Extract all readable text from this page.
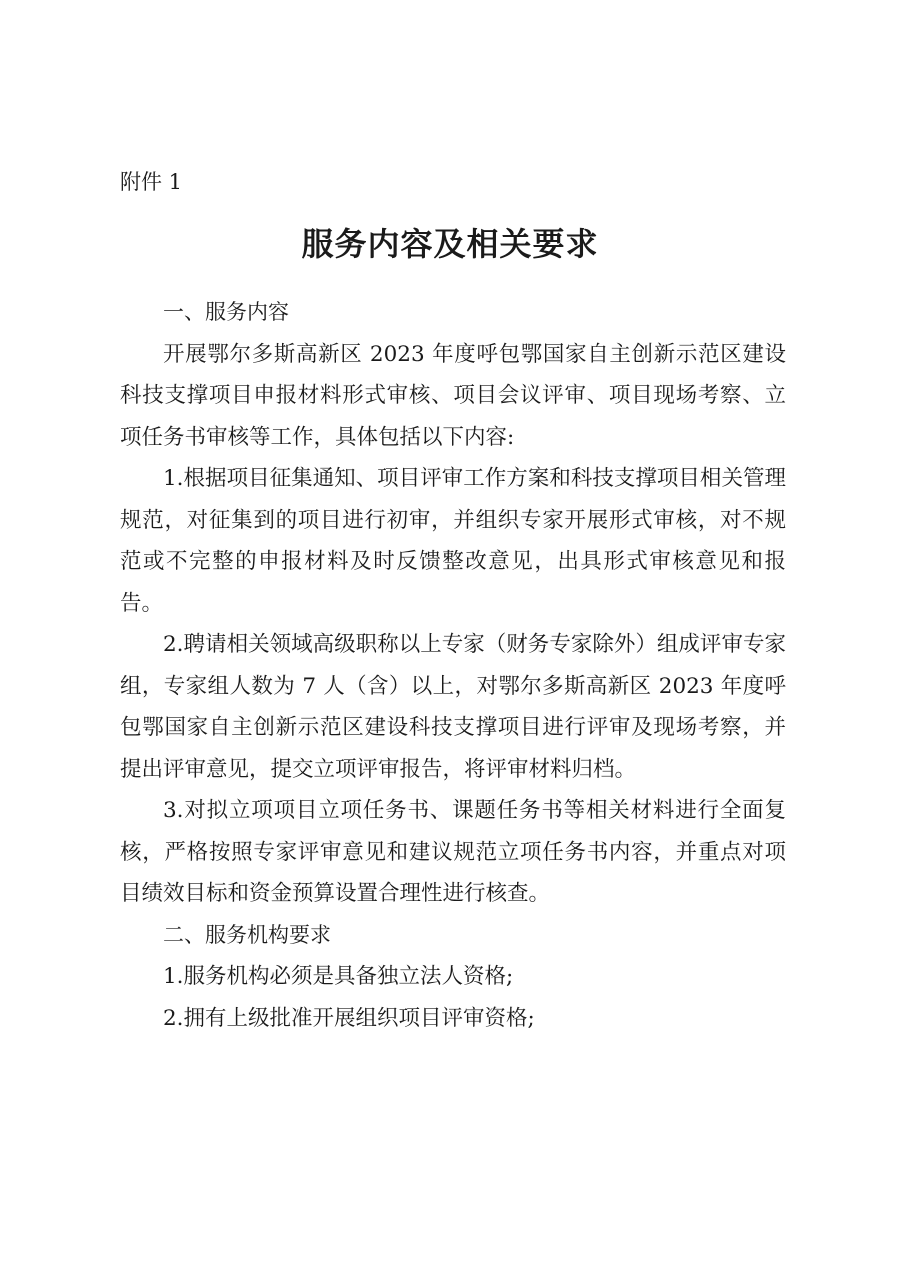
附件 1
服务内容及相关要求

一、服务内容

开展鄂尔多斯高新区 2023 年度呼包鄂国家自主创新示范区建设科技支撑项目申报材料形式审核、项目会议评审、项目现场考察、立项任务书审核等工作，具体包括以下内容:

1.根据项目征集通知、项目评审工作方案和科技支撑项目相关管理规范，对征集到的项目进行初审，并组织专家开展形式审核，对不规范或不完整的申报材料及时反馈整改意见，出具形式审核意见和报告。

2.聘请相关领域高级职称以上专家（财务专家除外）组成评审专家组，专家组人数为 7 人（含）以上，对鄂尔多斯高新区 2023 年度呼包鄂国家自主创新示范区建设科技支撑项目进行评审及现场考察，并提出评审意见，提交立项评审报告，将评审材料归档。

3.对拟立项项目立项任务书、课题任务书等相关材料进行全面复核，严格按照专家评审意见和建议规范立项任务书内容，并重点对项目绩效目标和资金预算设置合理性进行核查。

二、服务机构要求

1.服务机构必须是具备独立法人资格;

2.拥有上级批准开展组织项目评审资格;
